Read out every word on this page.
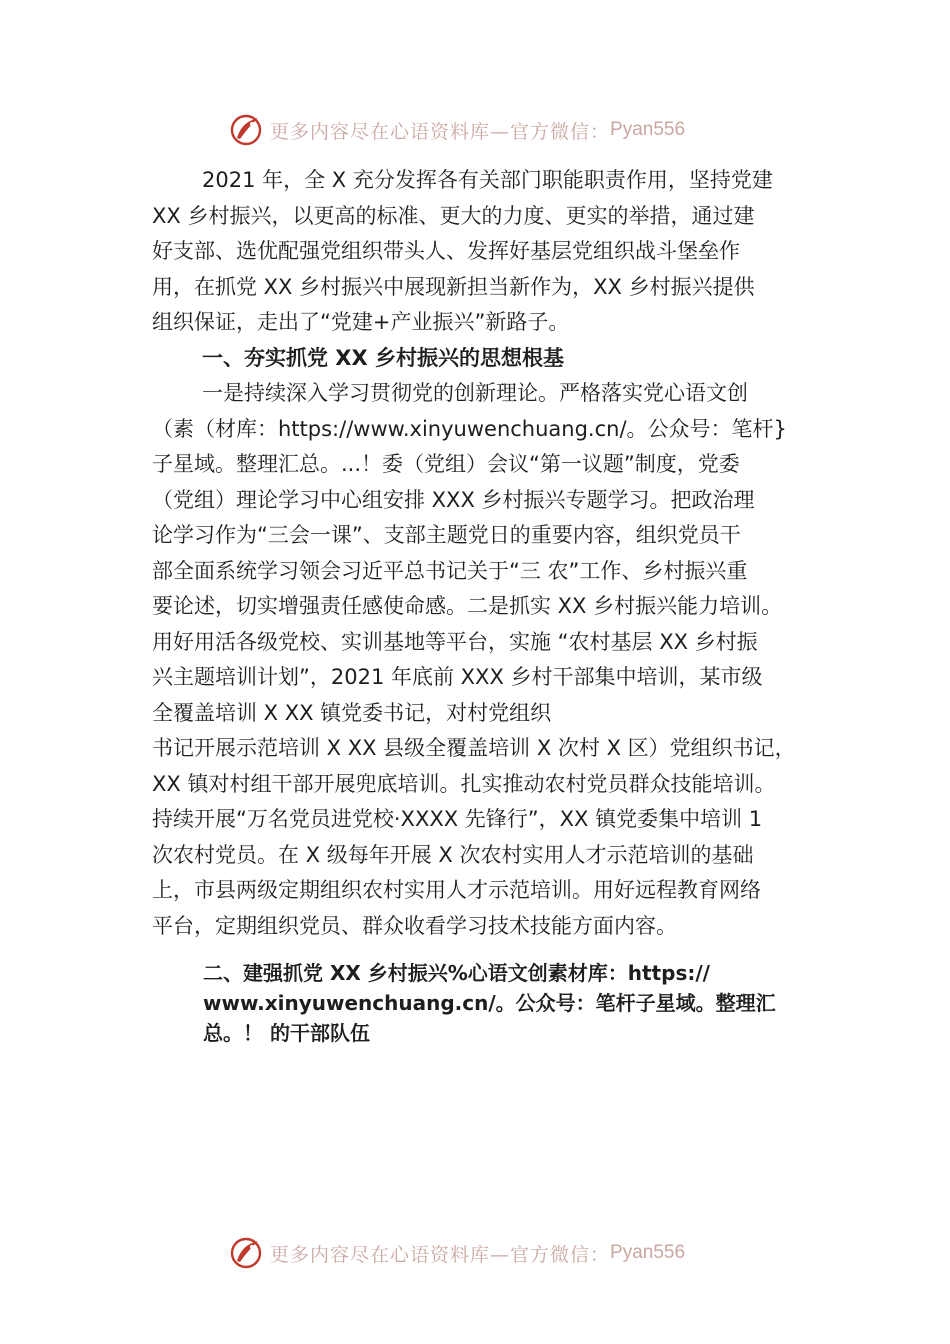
更多内容尽在心语资料库—官方微信： Pyan556
2021 年，全 X 充分发挥各有关部门职能职责作用，坚持党建
XX 乡村振兴，以更高的标准、更大的力度、更实的举措，通过建
好支部、选优配强党组织带头人、发挥好基层党组织战斗堡垒作
用，在抓党 XX 乡村振兴中展现新担当新作为，XX 乡村振兴提供
组织保证，走出了“党建+产业振兴”新路子。
一、夯实抓党 XX 乡村振兴的思想根基
一是持续深入学习贯彻党的创新理论。严格落实党心语文创
（素（材库：https://www.xinyuwenchuang.cn/。公众号：笔杆}
子星域。整理汇总。...！委（党组）会议“第一议题”制度，党委
（党组）理论学习中心组安排 XXX 乡村振兴专题学习。把政治理
论学习作为“三会一课”、支部主题党日的重要内容，组织党员干
部全面系统学习领会习近平总书记关于“三 农”工作、乡村振兴重
要论述，切实增强责任感使命感。二是抓实 XX 乡村振兴能力培训。
用好用活各级党校、实训基地等平台，实施 “农村基层 XX 乡村振
兴主题培训计划”，2021 年底前 XXX 乡村干部集中培训，某市级
全覆盖培训 X XX 镇党委书记，对村党组织
书记开展示范培训 X XX 县级全覆盖培训 X 次村 X 区）党组织书记，
XX 镇对村组干部开展兜底培训。扎实推动农村党员群众技能培训。
持续开展“万名党员进党校·XXXX 先锋行”，XX 镇党委集中培训 1
次农村党员。在 X 级每年开展 X 次农村实用人才示范培训的基础
上，市县两级定期组织农村实用人才示范培训。用好远程教育网络
平台，定期组织党员、群众收看学习技术技能方面内容。
二、建强抓党 XX 乡村振兴%心语文创素材库：https://
www.xinyuwenchuang.cn/。公众号：笔杆子星域。整理汇
总。！ 的干部队伍
更多内容尽在心语资料库—官方微信： Pyan556
